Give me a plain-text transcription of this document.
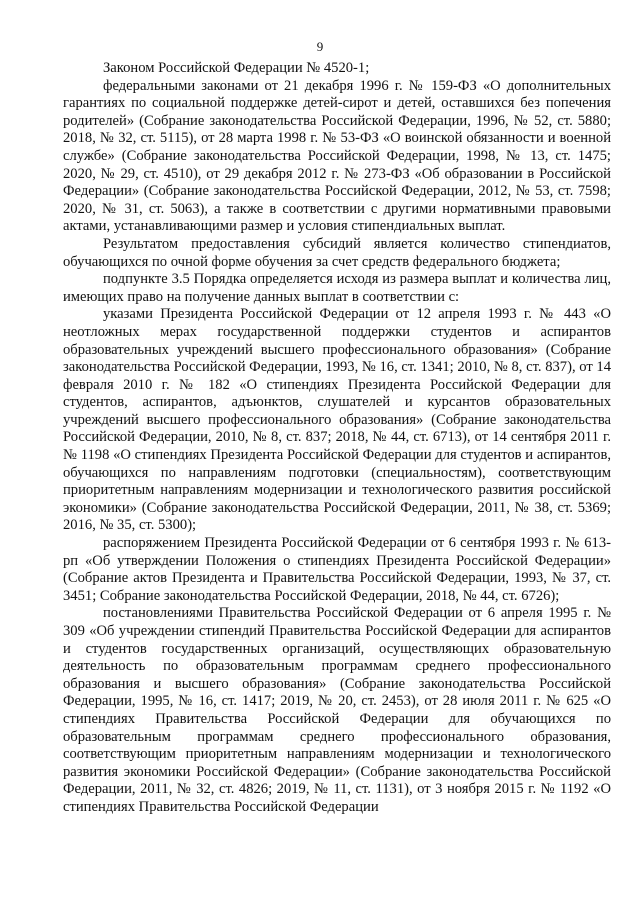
9

Законом Российской Федерации № 4520-1;

федеральными законами от 21 декабря 1996 г. № 159-ФЗ «О дополнительных гарантиях по социальной поддержке детей-сирот и детей, оставшихся без попечения родителей» (Собрание законодательства Российской Федерации, 1996, № 52, ст. 5880; 2018, № 32, ст. 5115), от 28 марта 1998 г. № 53-ФЗ «О воинской обязанности и военной службе» (Собрание законодательства Российской Федерации, 1998, № 13, ст. 1475; 2020, № 29, ст. 4510), от 29 декабря 2012 г. № 273-ФЗ «Об образовании в Российской Федерации» (Собрание законодательства Российской Федерации, 2012, № 53, ст. 7598; 2020, № 31, ст. 5063), а также в соответствии с другими нормативными правовыми актами, устанавливающими размер и условия стипендиальных выплат.

Результатом предоставления субсидий является количество стипендиатов, обучающихся по очной форме обучения за счет средств федерального бюджета;

подпункте 3.5 Порядка определяется исходя из размера выплат и количества лиц, имеющих право на получение данных выплат в соответствии с:

указами Президента Российской Федерации от 12 апреля 1993 г. № 443 «О неотложных мерах государственной поддержки студентов и аспирантов образовательных учреждений высшего профессионального образования» (Собрание законодательства Российской Федерации, 1993, № 16, ст. 1341; 2010, № 8, ст. 837), от 14 февраля 2010 г. № 182 «О стипендиях Президента Российской Федерации для студентов, аспирантов, адъюнктов, слушателей и курсантов образовательных учреждений высшего профессионального образования» (Собрание законодательства Российской Федерации, 2010, № 8, ст. 837; 2018, № 44, ст. 6713), от 14 сентября 2011 г. № 1198 «О стипендиях Президента Российской Федерации для студентов и аспирантов, обучающихся по направлениям подготовки (специальностям), соответствующим приоритетным направлениям модернизации и технологического развития российской экономики» (Собрание законодательства Российской Федерации, 2011, № 38, ст. 5369; 2016, № 35, ст. 5300);

распоряжением Президента Российской Федерации от 6 сентября 1993 г. № 613-рп «Об утверждении Положения о стипендиях Президента Российской Федерации» (Собрание актов Президента и Правительства Российской Федерации, 1993, № 37, ст. 3451; Собрание законодательства Российской Федерации, 2018, № 44, ст. 6726);

постановлениями Правительства Российской Федерации от 6 апреля 1995 г. № 309 «Об учреждении стипендий Правительства Российской Федерации для аспирантов и студентов государственных организаций, осуществляющих образовательную деятельность по образовательным программам среднего профессионального образования и высшего образования» (Собрание законодательства Российской Федерации, 1995, № 16, ст. 1417; 2019, № 20, ст. 2453), от 28 июля 2011 г. № 625 «О стипендиях Правительства Российской Федерации для обучающихся по образовательным программам среднего профессионального образования, соответствующим приоритетным направлениям модернизации и технологического развития экономики Российской Федерации» (Собрание законодательства Российской Федерации, 2011, № 32, ст. 4826; 2019, № 11, ст. 1131), от 3 ноября 2015 г. № 1192 «О стипендиях Правительства Российской Федерации
